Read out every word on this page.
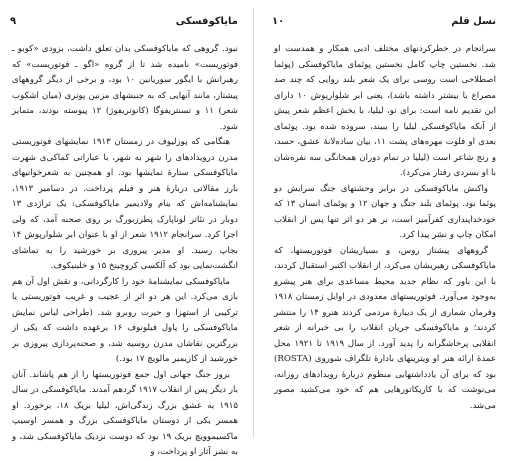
نسل قلم
۱۰

سرانجام در خطرکردنهای مختلف ادبی همکار و همدست او شد. نخستین چاپ کامل نخستین پوئمای مایاکوفسکی (پوئما اصطلاحی است روسی برای یک شعر بلند روایی که چند صد مصراع یا بیشتر داشته باشد)، یعنی ابر شلوارپوش ۱۰ دارای این تقدیم نامه است: برای تو، لیلیا، با بخش اعظم شعر پیش از آنکه مایاکوفسکی لیلیا را ببیند، سروده شده بود. پوئمای بعدی او فلوت مهره‌های پشت ۱۱، بیان ساده‌لانهٔ عشق، حسد، و رنج شاعر است (لیلیا در تمام دوران همخانگی سه نفره‌شان با او بسردی رفتار می‌کرد).

واکنش مایاکوفسکی در برابر وحشتهای جنگ سرایش دو پوئما بود. پوئمای بلند جنگ و جهان ۱۲ و پوئمای انسان ۱۳ که خودخداپنداری کفرآمیز است، بر هر دو اثر تنها پس از انقلاب امکان چاپ و نشر پیدا کرد.

گروههای پیشتاز روس، و بسیاریشان فوتوریستها، که مایاکوفسکی رهبریشان می‌کرد، از انقلاب اکتبر استقبال کردند، با این باور که نظام جدید محیط مساعدی برای هنر پیشرو به‌وجود می‌آورد. فوتوریستهای معدودی در اوایل زمستان ۱۹۱۸ وفرمان شماری از یک دیبارهٔ مردمی کردند هنرو ۱۴ را منتشر کردند؛ و مایاکوفسکی جریان انقلاب را بی خبرانه از شعر انقلابی پرخاشگرانه را پدید آورد. از سال ۱۹۱۹ تا ۱۹۲۱ محل عمدهٔ ارائه هنر او ویترینهای بادارهٔ تلگراف شوروی (ROSTA) بود که برای آن یادداشتهایی منظوم دربارهٔ رویدادهای روزانه، می‌نوشت که با کاریکاتورهایی هم که خود می‌کشید مصور می‌شد.

مایاکوفسکی
۹

نبود. گروهی که مایاکوفسکی بدان تعلق داشت، بزودی «کوبو ـ فوتوریست» نامیده شد تا از گروه «اگو ـ فوتوریست» که رهبرانش با ایگور سوریانین ۱۰ بود، و برخی از دیگر گروههای پیشتاز، مانند آنهایی که به جنبشهای مزنین پوتری (میان اشکوب شعر) ۱۱ و تسنتریفوگا (کانوتریفوژ) ۱۲ پیوسته بودند، متمایز شود.

هنگامی که پوزلیوف در زمستان ۱۹۱۳ نمایشهای فوتوریستی مدرن درویدادهای را شهر به شهر، با عباراتی کماکی‌ی شهرت مایاکوفسکی ستارهٔ نمایشها بود. او همچنین به شعرخوانیهای بارز مقالاتی دربارهٔ هنر و فیلم پرداخت. در دسامبر ۱۹۱۳، نمایشنامه‌اش که بنام ولادیمیر مایاکوفسکی: یک تراژدی ۱۳ دوبار در تئاتر لوناپارک پطرزبورگ بر روی صحنه آمد، که ولی اجرا کرد. سرانجام ۱۹۱۲ شعر از او با عنوان ابر شلوارپوش ۱۴ بجاپ رسید. او مدیر پیروزی بر خورشید را به تماشای انگشت‌نمایی بود که آلکسی کروچینخ ۱۵ و خلبنیکوف.

مایاکوفسکی نمایشنامهٔ خود را کارگردانی، و نقش اول آن هم بازی می‌کرد. این هر دو اثر از عجیب و غریب فوتوریستی یا ترکیبی از استهزا و حیرت روبرو شد. (طراحی لباس نمایش مایاکوفسکی را پاول فیلونوف ۱۶ برعهده داشت که یکی از بزرگترین نقاشان مدرن روسیه شد، و صحنه‌پردازی پیروزی بر خورشید از کازیمیر مالویچ ۱۷ بود.)

بروز جنگ جهانی اول جمع فوتوریستها را از هم پاشاند. آنان بار دیگر پس از انقلاب ۱۹۱۷ گردهم آمدند. مایاکوفسکی در سال ۱۹۱۵ به عشق بزرگ زندگی‌اش، لیلیا بریک ۱۸، برخورد. او همسر یکی از دوستان مایاکوفسکی بزرگ و همسر اوسیپ ماکسیموویچ بریک ۱۹ بود که دوست نزدیک مایاکوفسکی شد، و به نشر آثار او پرداخت، و
